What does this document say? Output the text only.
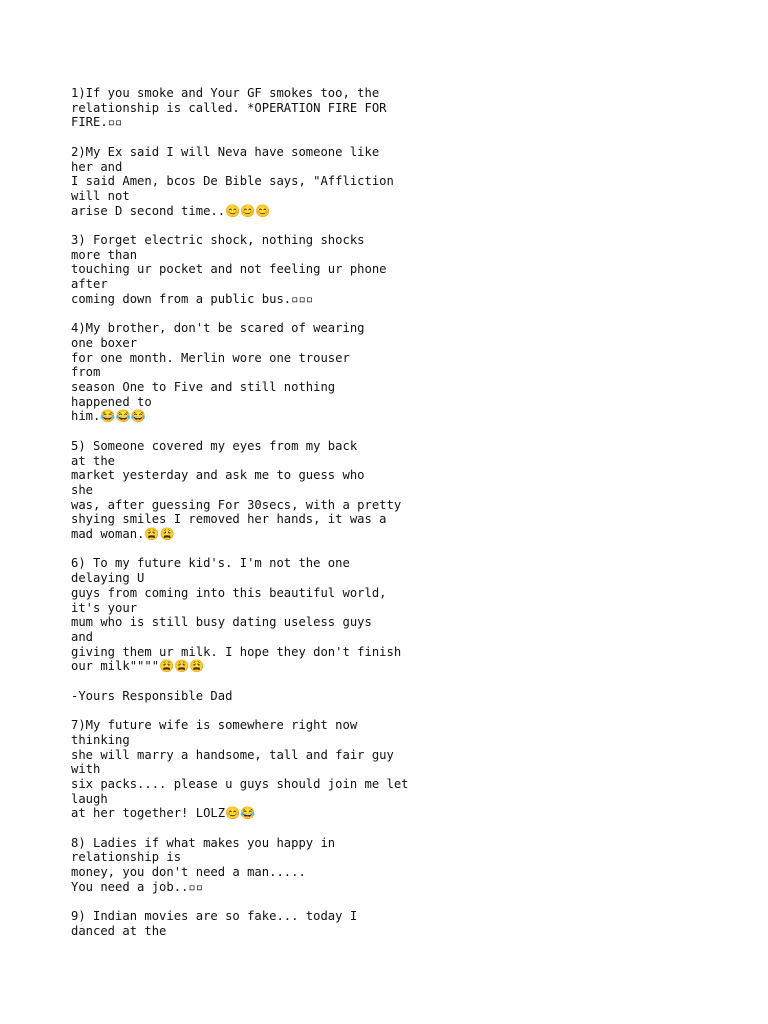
1)If you smoke and Your GF smokes too, the
relationship is called. *OPERATION FIRE FOR
FIRE.▫▫
2)My Ex said I will Neva have someone like
her and
I said Amen, bcos De Bible says, "Affliction
will not
arise D second time..😊😊😊
3) Forget electric shock, nothing shocks
more than
touching ur pocket and not feeling ur phone
after
coming down from a public bus.▫▫▫
4)My brother, don't be scared of wearing
one boxer
for one month. Merlin wore one trouser
from
season One to Five and still nothing
happened to
him.😂😂😂
5) Someone covered my eyes from my back
at the
market yesterday and ask me to guess who
she
was, after guessing For 30secs, with a pretty
shying smiles I removed her hands, it was a
mad woman.😩😩
6) To my future kid's. I'm not the one
delaying U
guys from coming into this beautiful world,
it's your
mum who is still busy dating useless guys
and
giving them ur milk. I hope they don't finish
our milk""""😩😩😩
-Yours Responsible Dad
7)My future wife is somewhere right now
thinking
she will marry a handsome, tall and fair guy
with
six packs.... please u guys should join me let
laugh
at her together! LOLZ😊😂
8) Ladies if what makes you happy in
relationship is
money, you don't need a man.....
You need a job..▫▫
9) Indian movies are so fake... today I
danced at the
